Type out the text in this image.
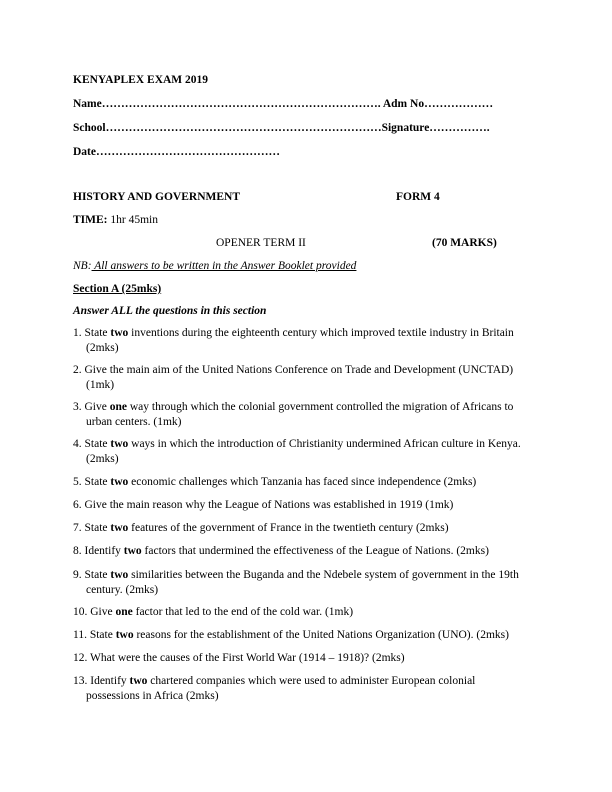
KENYAPLEX EXAM 2019
Name………………………………………………………………. Adm No………………
School………………………………………………………………Signature…………….
Date…………………………………………
HISTORY AND GOVERNMENT	FORM 4
TIME: 1hr 45min
OPENER TERM II	(70 MARKS)
NB: All answers to be written in the Answer Booklet provided
Section A (25mks)
Answer ALL the questions in this section
1. State two inventions during the eighteenth century which improved textile industry in Britain
(2mks)
2. Give the main aim of the United Nations Conference on Trade and Development (UNCTAD)
(1mk)
3. Give one way through which the colonial government controlled the migration of Africans to
urban centers. (1mk)
4. State two ways in which the introduction of Christianity undermined African culture in Kenya.
(2mks)
5. State two economic challenges which Tanzania has faced since independence (2mks)
6. Give the main reason why the League of Nations was established in 1919 (1mk)
7. State two features of the government of France in the twentieth century (2mks)
8. Identify two factors that undermined the effectiveness of the League of Nations. (2mks)
9. State two similarities between the Buganda and the Ndebele system of government in the 19th
century. (2mks)
10. Give one factor that led to the end of the cold war. (1mk)
11. State two reasons for the establishment of the United Nations Organization (UNO). (2mks)
12. What were the causes of the First World War (1914 – 1918)? (2mks)
13. Identify two chartered companies which were used to administer European colonial
possessions in Africa (2mks)
